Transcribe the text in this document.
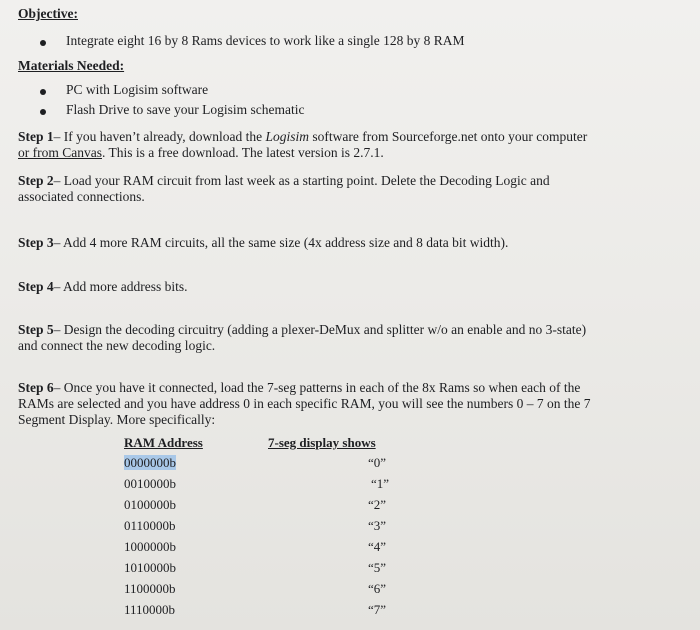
Objective:
Integrate eight 16 by 8 Rams devices to work like a single 128 by 8 RAM
Materials Needed:
PC with Logisim software
Flash Drive to save your Logisim schematic
Step 1– If you haven’t already, download the Logisim software from Sourceforge.net onto your computer
or from Canvas. This is a free download. The latest version is 2.7.1.
Step 2– Load your RAM circuit from last week as a starting point. Delete the Decoding Logic and
associated connections.
Step 3– Add 4 more RAM circuits, all the same size (4x address size and 8 data bit width).
Step 4– Add more address bits.
Step 5– Design the decoding circuitry (adding a plexer-DeMux and splitter w/o an enable and no 3-state)
and connect the new decoding logic.
Step 6– Once you have it connected, load the 7-seg patterns in each of the 8x Rams so when each of the
RAMs are selected and you have address 0 in each specific RAM, you will see the numbers 0 – 7 on the 7
Segment Display. More specifically:
RAM Address	7-seg display shows
0000000b	“0”
0010000b	“1”
0100000b	“2”
0110000b	“3”
1000000b	“4”
1010000b	“5”
1100000b	“6”
1110000b	“7”
